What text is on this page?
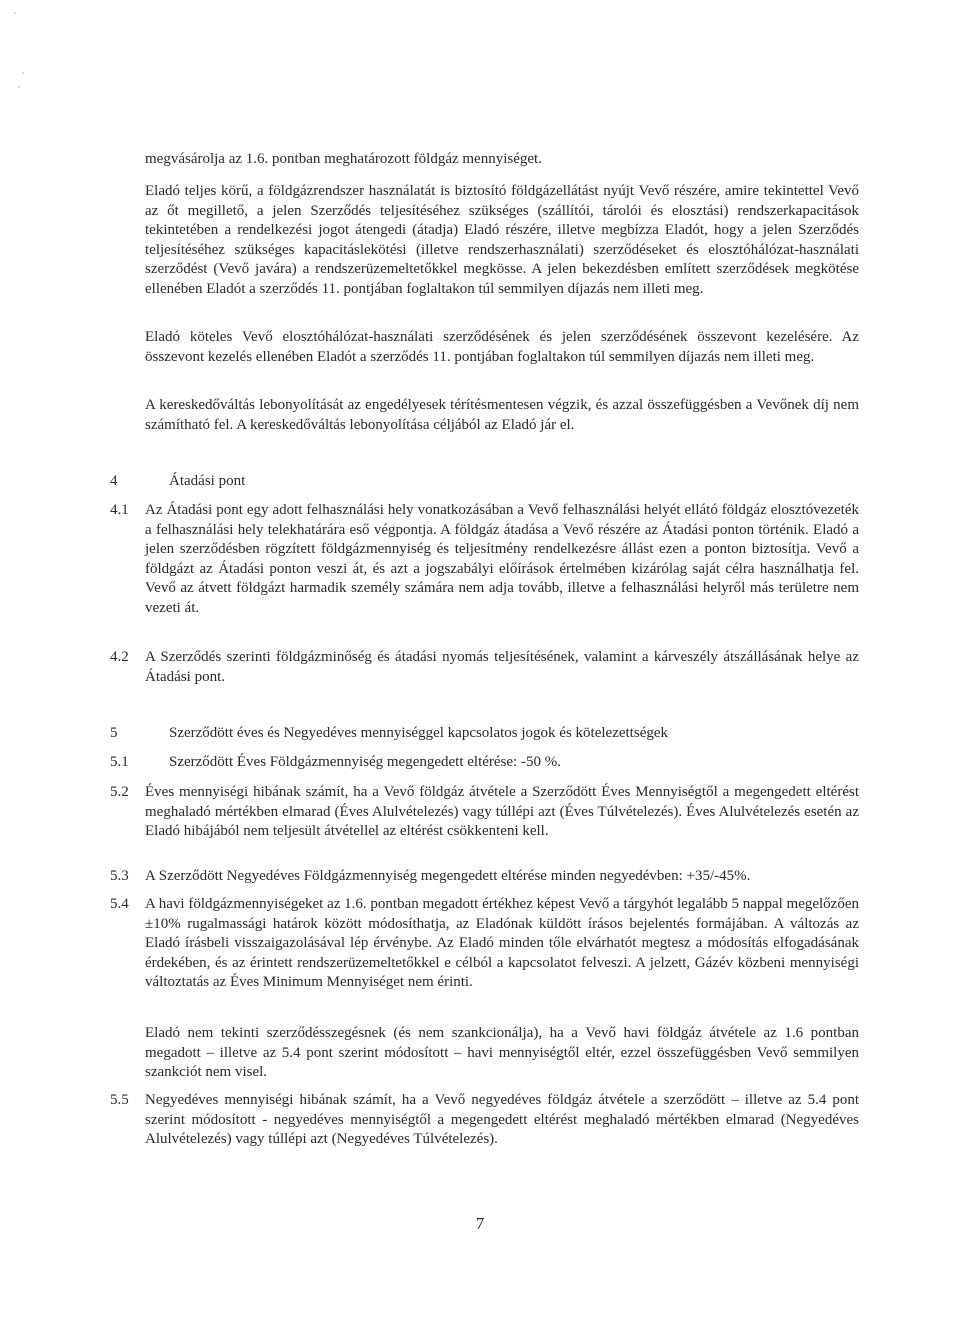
megvásárolja az 1.6. pontban meghatározott földgáz mennyiséget.

Eladó teljes körű, a földgázrendszer használatát is biztosító földgázellátást nyújt Vevő részére, amire tekintettel Vevő az őt megillető, a jelen Szerződés teljesítéséhez szükséges (szállítói, tárolói és elosztási) rendszerkapacitások tekintetében a rendelkezési jogot átengedi (átadja) Eladó részére, illetve megbízza Eladót, hogy a jelen Szerződés teljesítéséhez szükséges kapacitáslekötési (illetve rendszerhasználati) szerződéseket és elosztóhálózat-használati szerződést (Vevő javára) a rendszerüzemeltetőkkel megkösse. A jelen bekezdésben említett szerződések megkötése ellenében Eladót a szerződés 11. pontjában foglaltakon túl semmilyen díjazás nem illeti meg.

Eladó köteles Vevő elosztóhálózat-használati szerződésének és jelen szerződésének összevont kezelésére. Az összevont kezelés ellenében Eladót a szerződés 11. pontjában foglaltakon túl semmilyen díjazás nem illeti meg.

A kereskedőváltás lebonyolítását az engedélyesek térítésmentesen végzik, és azzal összefüggésben a Vevőnek díj nem számítható fel. A kereskedőváltás lebonyolítása céljából az Eladó jár el.

4	Átadási pont
4.1 Az Átadási pont egy adott felhasználási hely vonatkozásában a Vevő felhasználási helyét ellátó földgáz elosztóvezeték a felhasználási hely telekhatárára eső végpontja. A földgáz átadása a Vevő részére az Átadási ponton történik. Eladó a jelen szerződésben rögzített földgázmennyiség és teljesítmény rendelkezésre állást ezen a ponton biztosítja. Vevő a földgázt az Átadási ponton veszi át, és azt a jogszabályi előírások értelmében kizárólag saját célra használhatja fel. Vevő az átvett földgázt harmadik személy számára nem adja tovább, illetve a felhasználási helyről más területre nem vezeti át.

4.2 A Szerződés szerinti földgázminőség és átadási nyomás teljesítésének, valamint a kárveszély átszállásának helye az Átadási pont.

5	Szerződött éves és Negyedéves mennyiséggel kapcsolatos jogok és kötelezettségek
5.1	Szerződött Éves Földgázmennyiség megengedett eltérése: -50 %.

5.2 Éves mennyiségi hibának számít, ha a Vevő földgáz átvétele a Szerződött Éves Mennyiségtől a megengedett eltérést meghaladó mértékben elmarad (Éves Alulvételezés) vagy túllépi azt (Éves Túlvételezés). Éves Alulvételezés esetén az Eladó hibájából nem teljesült átvétellel az eltérést csökkenteni kell.

5.3 A Szerződött Negyedéves Földgázmennyiség megengedett eltérése minden negyedévben: +35/-45%.

5.4 A havi földgázmennyiségeket az 1.6. pontban megadott értékhez képest Vevő a tárgyhót legalább 5 nappal megelőzően ±10% rugalmassági határok között módosíthatja, az Eladónak küldött írásos bejelentés formájában. A változás az Eladó írásbeli visszaigazolásával lép érvénybe. Az Eladó minden tőle elvárhatót megtesz a módosítás elfogadásának érdekében, és az érintett rendszerüzemeltetőkkel e célból a kapcsolatot felveszi. A jelzett, Gázév közbeni mennyiségi változtatás az Éves Minimum Mennyiséget nem érinti.

Eladó nem tekinti szerződésszegésnek (és nem szankcionálja), ha a Vevő havi földgáz átvétele az 1.6 pontban megadott – illetve az 5.4 pont szerint módosított – havi mennyiségtől eltér, ezzel összefüggésben Vevő semmilyen szankciót nem visel.

5.5 Negyedéves mennyiségi hibának számít, ha a Vevő negyedéves földgáz átvétele a szerződött – illetve az 5.4 pont szerint módosított - negyedéves mennyiségtől a megengedett eltérést meghaladó mértékben elmarad (Negyedéves Alulvételezés) vagy túllépi azt (Negyedéves Túlvételezés).

7
